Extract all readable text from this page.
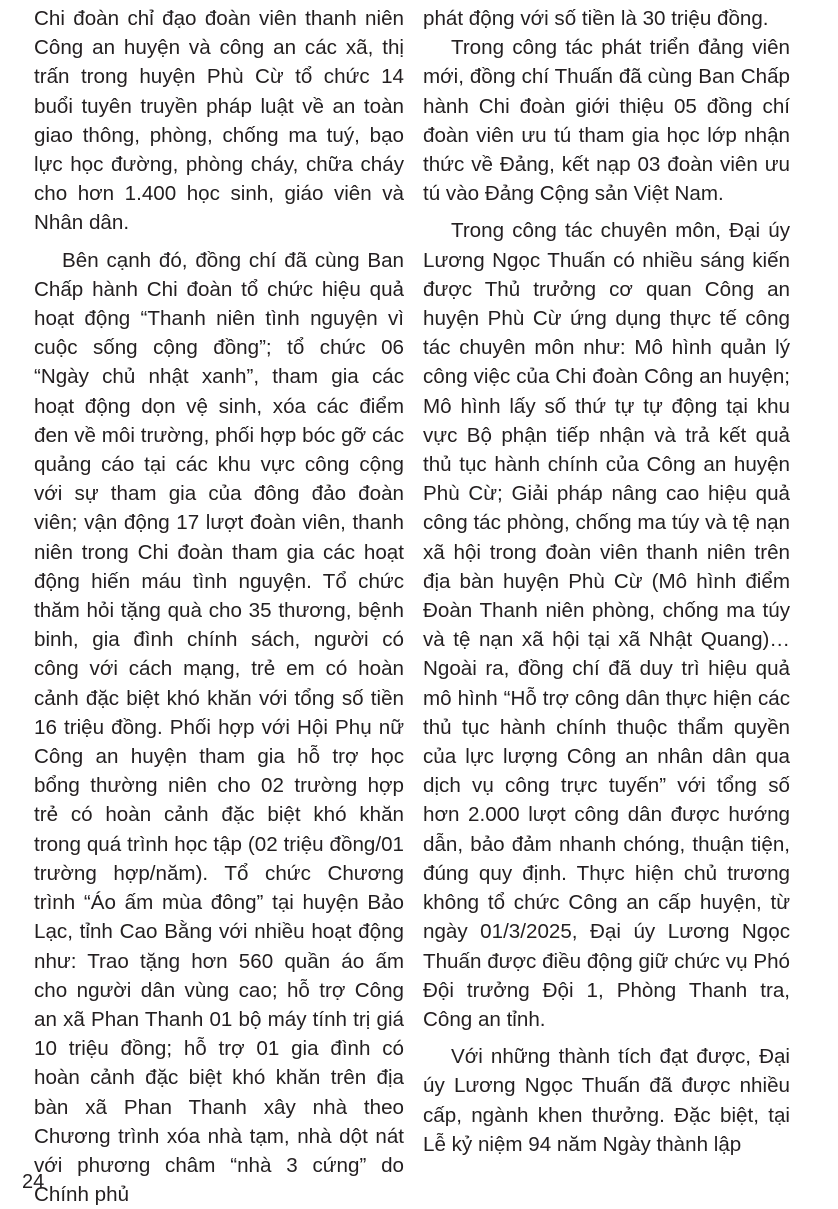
Chi đoàn chỉ đạo đoàn viên thanh niên Công an huyện và công an các xã, thị trấn trong huyện Phù Cừ tổ chức 14 buổi tuyên truyền pháp luật về an toàn giao thông, phòng, chống ma tuý, bạo lực học đường, phòng cháy, chữa cháy cho hơn 1.400 học sinh, giáo viên và Nhân dân.

Bên cạnh đó, đồng chí đã cùng Ban Chấp hành Chi đoàn tổ chức hiệu quả hoạt động “Thanh niên tình nguyện vì cuộc sống cộng đồng”; tổ chức 06 “Ngày chủ nhật xanh”, tham gia các hoạt động dọn vệ sinh, xóa các điểm đen về môi trường, phối hợp bóc gỡ các quảng cáo tại các khu vực công cộng với sự tham gia của đông đảo đoàn viên; vận động 17 lượt đoàn viên, thanh niên trong Chi đoàn tham gia các hoạt động hiến máu tình nguyện. Tổ chức thăm hỏi tặng quà cho 35 thương, bệnh binh, gia đình chính sách, người có công với cách mạng, trẻ em có hoàn cảnh đặc biệt khó khăn với tổng số tiền 16 triệu đồng. Phối hợp với Hội Phụ nữ Công an huyện tham gia hỗ trợ học bổng thường niên cho 02 trường hợp trẻ có hoàn cảnh đặc biệt khó khăn trong quá trình học tập (02 triệu đồng/01 trường hợp/năm). Tổ chức Chương trình “Áo ấm mùa đông” tại huyện Bảo Lạc, tỉnh Cao Bằng với nhiều hoạt động như: Trao tặng hơn 560 quần áo ấm cho người dân vùng cao; hỗ trợ Công an xã Phan Thanh 01 bộ máy tính trị giá 10 triệu đồng; hỗ trợ 01 gia đình có hoàn cảnh đặc biệt khó khăn trên địa bàn xã Phan Thanh xây nhà theo Chương trình xóa nhà tạm, nhà dột nát với phương châm “nhà 3 cứng” do Chính phủ

phát động với số tiền là 30 triệu đồng.

Trong công tác phát triển đảng viên mới, đồng chí Thuấn đã cùng Ban Chấp hành Chi đoàn giới thiệu 05 đồng chí đoàn viên ưu tú tham gia học lớp nhận thức về Đảng, kết nạp 03 đoàn viên ưu tú vào Đảng Cộng sản Việt Nam.

Trong công tác chuyên môn, Đại úy Lương Ngọc Thuấn có nhiều sáng kiến được Thủ trưởng cơ quan Công an huyện Phù Cừ ứng dụng thực tế công tác chuyên môn như: Mô hình quản lý công việc của Chi đoàn Công an huyện; Mô hình lấy số thứ tự tự động tại khu vực Bộ phận tiếp nhận và trả kết quả thủ tục hành chính của Công an huyện Phù Cừ; Giải pháp nâng cao hiệu quả công tác phòng, chống ma túy và tệ nạn xã hội trong đoàn viên thanh niên trên địa bàn huyện Phù Cừ (Mô hình điểm Đoàn Thanh niên phòng, chống ma túy và tệ nạn xã hội tại xã Nhật Quang)… Ngoài ra, đồng chí đã duy trì hiệu quả mô hình “Hỗ trợ công dân thực hiện các thủ tục hành chính thuộc thẩm quyền của lực lượng Công an nhân dân qua dịch vụ công trực tuyến” với tổng số hơn 2.000 lượt công dân được hướng dẫn, bảo đảm nhanh chóng, thuận tiện, đúng quy định. Thực hiện chủ trương không tổ chức Công an cấp huyện, từ ngày 01/3/2025, Đại úy Lương Ngọc Thuấn được điều động giữ chức vụ Phó Đội trưởng Đội 1, Phòng Thanh tra, Công an tỉnh.

Với những thành tích đạt được, Đại úy Lương Ngọc Thuấn đã được nhiều cấp, ngành khen thưởng. Đặc biệt, tại Lễ kỷ niệm 94 năm Ngày thành lập

24
